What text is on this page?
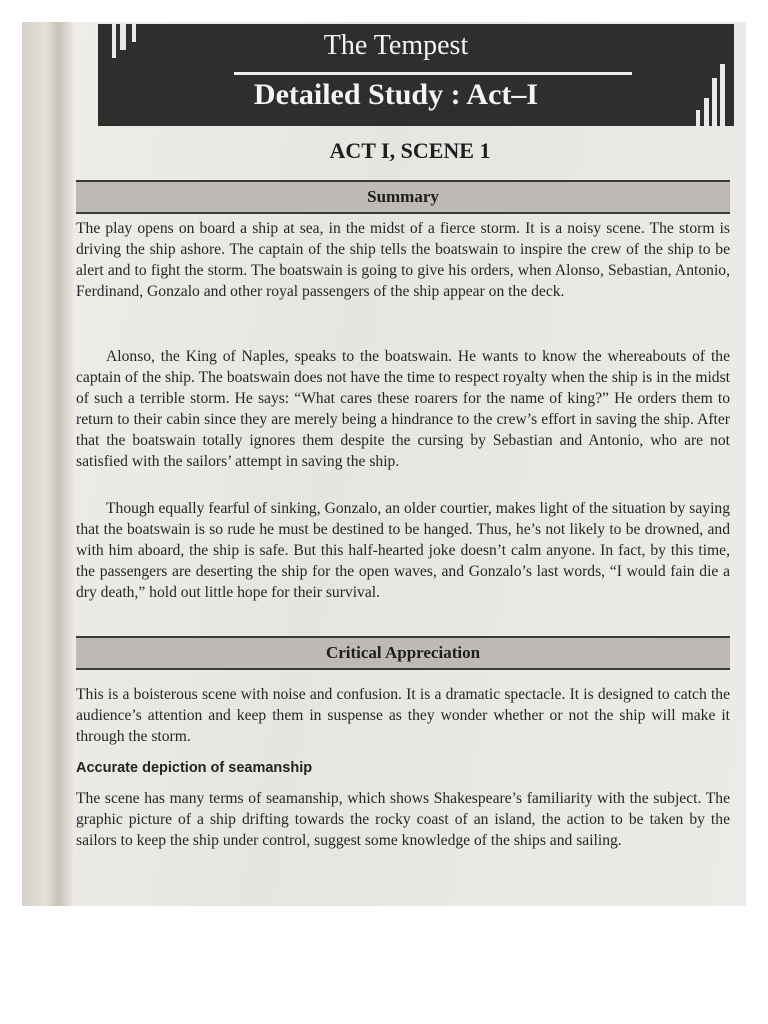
The Tempest
Detailed Study : Act–I
ACT I, SCENE 1
Summary

The play opens on board a ship at sea, in the midst of a fierce storm. It is a noisy scene. The storm is driving the ship ashore. The captain of the ship tells the boatswain to inspire the crew of the ship to be alert and to fight the storm. The boatswain is going to give his orders, when Alonso, Sebastian, Antonio, Ferdinand, Gonzalo and other royal passengers of the ship appear on the deck.

Alonso, the King of Naples, speaks to the boatswain. He wants to know the whereabouts of the captain of the ship. The boatswain does not have the time to respect royalty when the ship is in the midst of such a terrible storm. He says: “What cares these roarers for the name of king?” He orders them to return to their cabin since they are merely being a hindrance to the crew’s effort in saving the ship. After that the boatswain totally ignores them despite the cursing by Sebastian and Antonio, who are not satisfied with the sailors’ attempt in saving the ship.

Though equally fearful of sinking, Gonzalo, an older courtier, makes light of the situation by saying that the boatswain is so rude he must be destined to be hanged. Thus, he’s not likely to be drowned, and with him aboard, the ship is safe. But this half-hearted joke doesn’t calm anyone. In fact, by this time, the passengers are deserting the ship for the open waves, and Gonzalo’s last words, “I would fain die a dry death,” hold out little hope for their survival.

Critical Appreciation

This is a boisterous scene with noise and confusion. It is a dramatic spectacle. It is designed to catch the audience’s attention and keep them in suspense as they wonder whether or not the ship will make it through the storm.

Accurate depiction of seamanship

The scene has many terms of seamanship, which shows Shakespeare’s familiarity with the subject. The graphic picture of a ship drifting towards the rocky coast of an island, the action to be taken by the sailors to keep the ship under control, suggest some knowledge of the ships and sailing.
